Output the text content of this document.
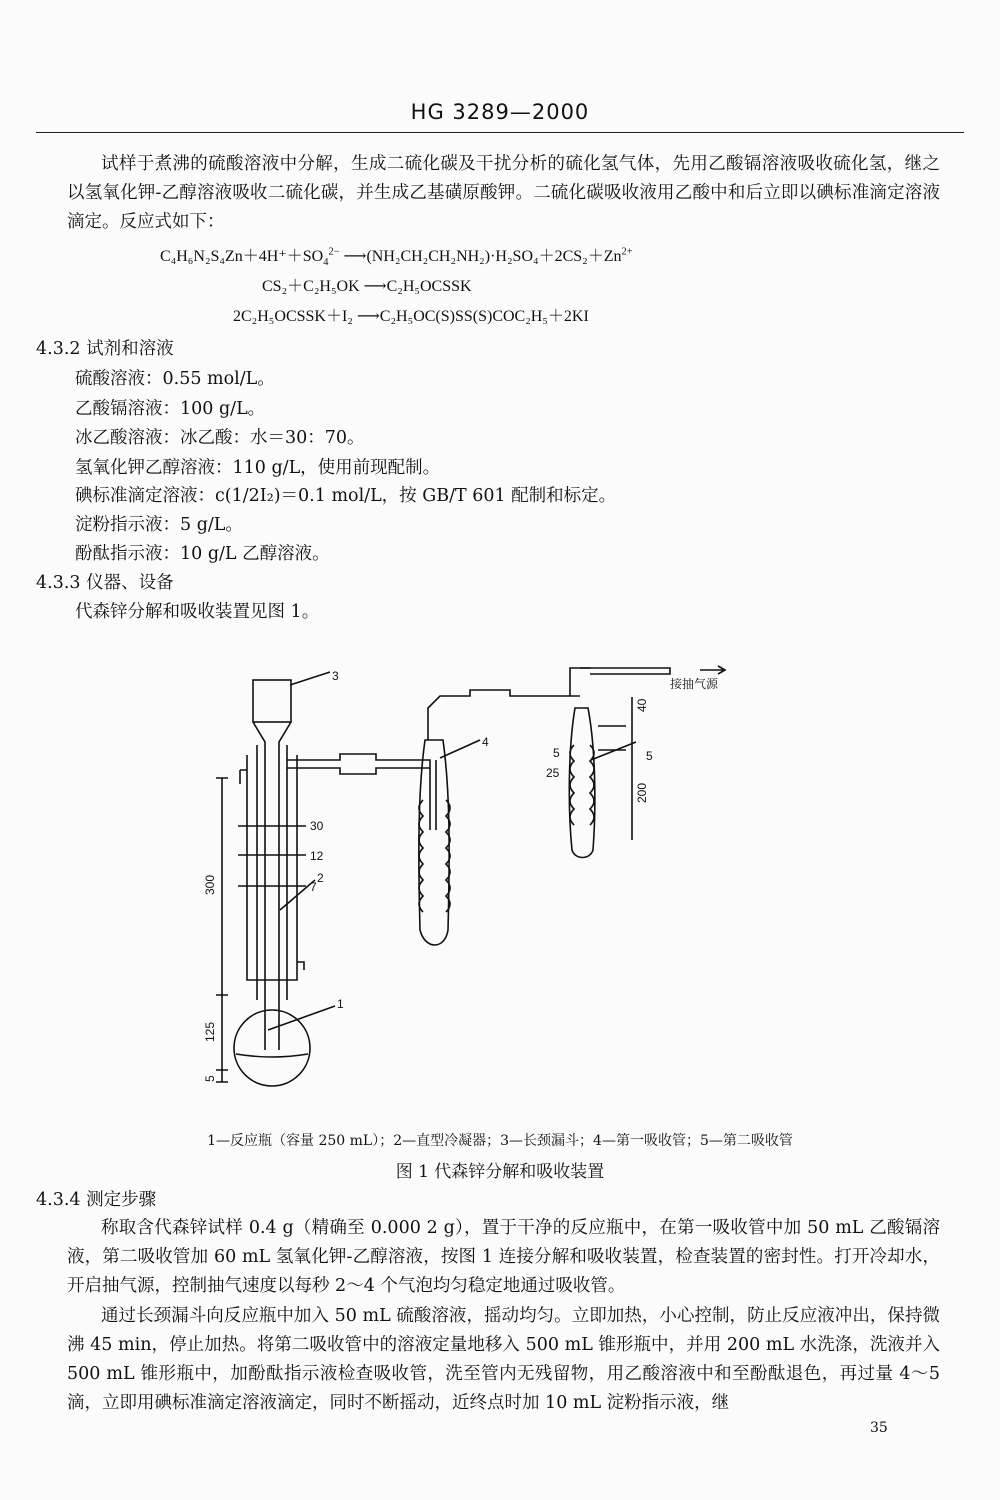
HG 3289—2000
试样于煮沸的硫酸溶液中分解，生成二硫化碳及干扰分析的硫化氢气体，先用乙酸镉溶液吸收硫化氢，继之以氢氧化钾-乙醇溶液吸收二硫化碳，并生成乙基磺原酸钾。二硫化碳吸收液用乙酸中和后立即以碘标准滴定溶液滴定。反应式如下：
$C_4H_6N_2S_4Zn+4H^++SO_4^{2-}$ $⟶(NH_2CH_2CH_2NH_2)\cdot H_2SO_4+2CS_2+Zn^{2+}$
CS₂＋C₂H₅OK ⟶C₂H₅OCSSK
2C₂H₅OCSSK＋I₂ ⟶C₂H₅OC(S)SS(S)COC₂H₅＋2KI
4.3.2 试剂和溶液
硫酸溶液：0.55 mol/L。
乙酸镉溶液：100 g/L。
冰乙酸溶液：冰乙酸：水＝30：70。
氢氧化钾乙醇溶液：110 g/L，使用前现配制。
碘标准滴定溶液：c(1/2I₂)＝0.1 mol/L，按 GB/T 601 配制和标定。
淀粉指示液：5 g/L。
酚酞指示液：10 g/L 乙醇溶液。
4.3.3 仪器、设备
代森锌分解和吸收装置见图 1。
3
2
1
4
5	5
30
12
7
25
接抽气源
300
125
5
40
200
1—反应瓶（容量 250 mL）；2—直型冷凝器；3—长颈漏斗；4—第一吸收管；5—第二吸收管
图 1 代森锌分解和吸收装置
4.3.4 测定步骤
称取含代森锌试样 0.4 g（精确至 0.000 2 g），置于干净的反应瓶中，在第一吸收管中加 50 mL 乙酸镉溶液，第二吸收管加 60 mL 氢氧化钾-乙醇溶液，按图 1 连接分解和吸收装置，检查装置的密封性。打开冷却水，开启抽气源，控制抽气速度以每秒 2～4 个气泡均匀稳定地通过吸收管。
通过长颈漏斗向反应瓶中加入 50 mL 硫酸溶液，摇动均匀。立即加热，小心控制，防止反应液冲出，保持微沸 45 min，停止加热。将第二吸收管中的溶液定量地移入 500 mL 锥形瓶中，并用 200 mL 水洗涤，洗液并入 500 mL 锥形瓶中，加酚酞指示液检查吸收管，洗至管内无残留物，用乙酸溶液中和至酚酞退色，再过量 4～5 滴，立即用碘标准滴定溶液滴定，同时不断摇动，近终点时加 10 mL 淀粉指示液，继
35
